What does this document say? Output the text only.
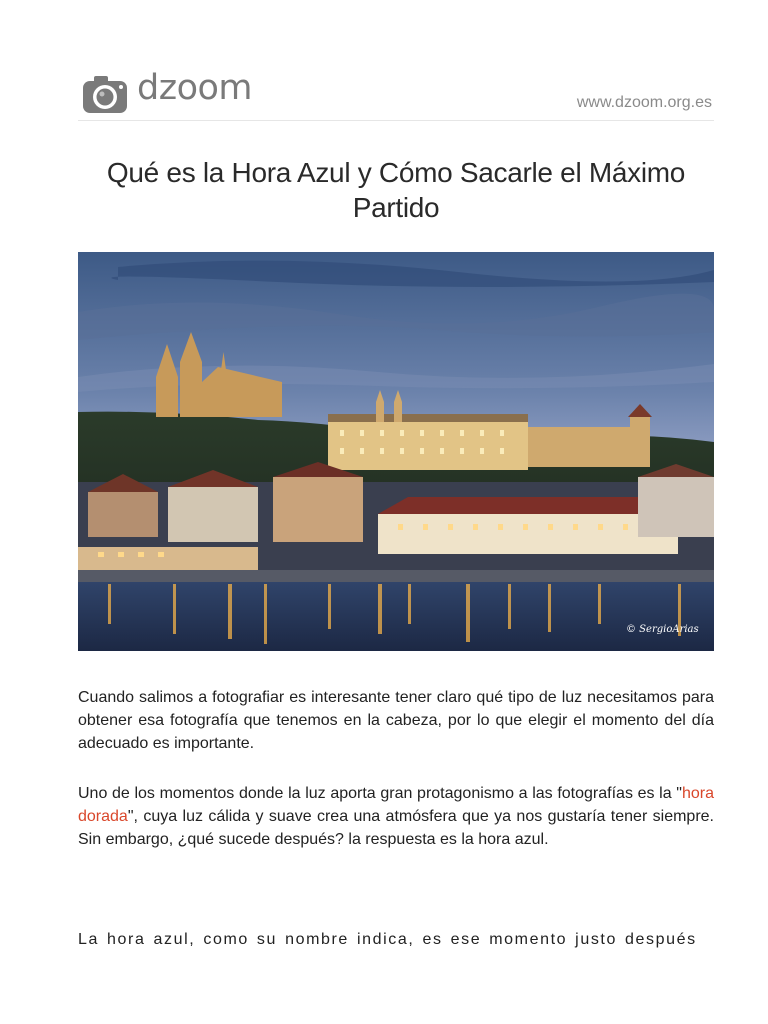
dzoom	www.dzoom.org.es
Qué es la Hora Azul y Cómo Sacarle el Máximo Partido
© SergioArias

Cuando salimos a fotografiar es interesante tener claro qué tipo de luz necesitamos para obtener esa fotografía que tenemos en la cabeza, por lo que elegir el momento del día adecuado es importante.

Uno de los momentos donde la luz aporta gran protagonismo a las fotografías es la "hora dorada", cuya luz cálida y suave crea una atmósfera que ya nos gustaría tener siempre. Sin embargo, ¿qué sucede después? la respuesta es la hora azul.

La hora azul, como su nombre indica, es ese momento justo después
